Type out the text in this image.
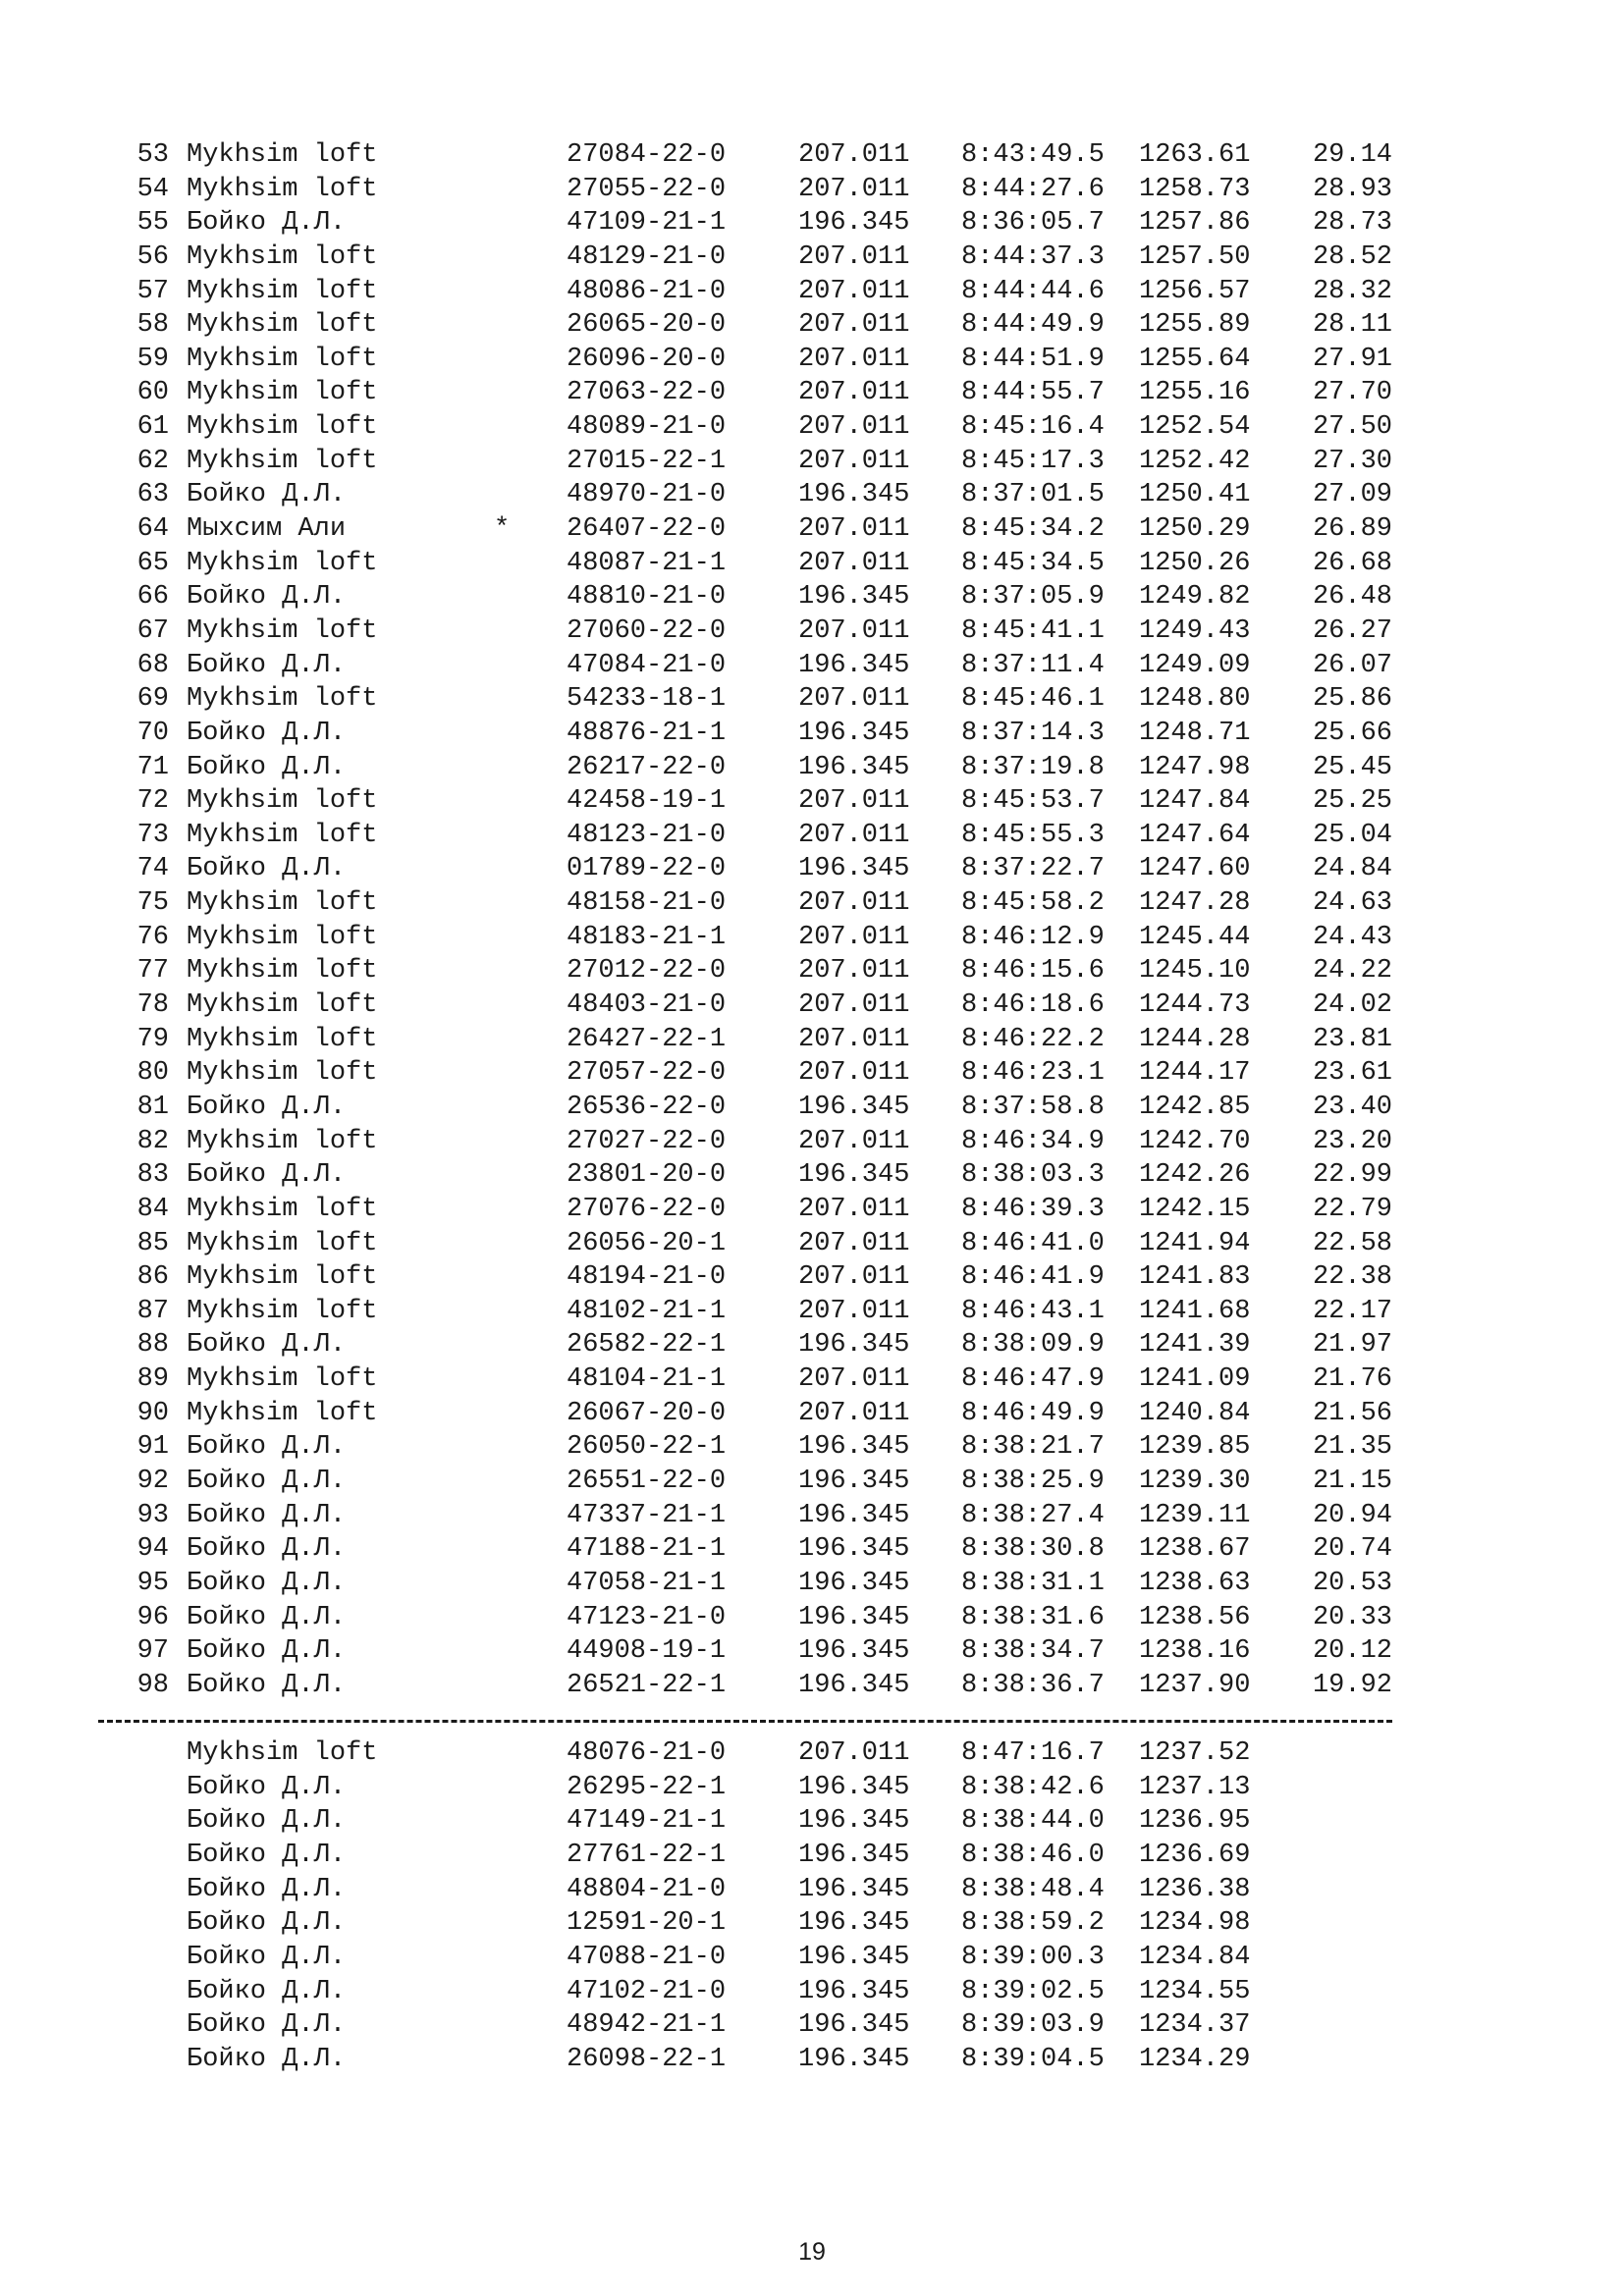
53 Mykhsim loft	27084-22-0	207.011 8:43:49.5 1263.61	29.14
54 Mykhsim loft	27055-22-0	207.011 8:44:27.6 1258.73	28.93
55 Бойко Д.Л.	47109-21-1	196.345 8:36:05.7 1257.86	28.73
56 Mykhsim loft	48129-21-0	207.011 8:44:37.3 1257.50	28.52
57 Mykhsim loft	48086-21-0	207.011 8:44:44.6 1256.57	28.32
58 Mykhsim loft	26065-20-0	207.011 8:44:49.9 1255.89	28.11
59 Mykhsim loft	26096-20-0	207.011 8:44:51.9 1255.64	27.91
60 Mykhsim loft	27063-22-0	207.011 8:44:55.7 1255.16	27.70
61 Mykhsim loft	48089-21-0	207.011 8:45:16.4 1252.54	27.50
62 Mykhsim loft	27015-22-1	207.011 8:45:17.3 1252.42	27.30
63 Бойко Д.Л.	48970-21-0	196.345 8:37:01.5 1250.41	27.09
64 Мыхсим Али	* 26407-22-0	207.011 8:45:34.2 1250.29	26.89
65 Mykhsim loft	48087-21-1	207.011 8:45:34.5 1250.26	26.68
66 Бойко Д.Л.	48810-21-0	196.345 8:37:05.9 1249.82	26.48
67 Mykhsim loft	27060-22-0	207.011 8:45:41.1 1249.43	26.27
68 Бойко Д.Л.	47084-21-0	196.345 8:37:11.4 1249.09	26.07
69 Mykhsim loft	54233-18-1	207.011 8:45:46.1 1248.80	25.86
70 Бойко Д.Л.	48876-21-1	196.345 8:37:14.3 1248.71	25.66
71 Бойко Д.Л.	26217-22-0	196.345 8:37:19.8 1247.98	25.45
72 Mykhsim loft	42458-19-1	207.011 8:45:53.7 1247.84	25.25
73 Mykhsim loft	48123-21-0	207.011 8:45:55.3 1247.64	25.04
74 Бойко Д.Л.	01789-22-0	196.345 8:37:22.7 1247.60	24.84
75 Mykhsim loft	48158-21-0	207.011 8:45:58.2 1247.28	24.63
76 Mykhsim loft	48183-21-1	207.011 8:46:12.9 1245.44	24.43
77 Mykhsim loft	27012-22-0	207.011 8:46:15.6 1245.10	24.22
78 Mykhsim loft	48403-21-0	207.011 8:46:18.6 1244.73	24.02
79 Mykhsim loft	26427-22-1	207.011 8:46:22.2 1244.28	23.81
80 Mykhsim loft	27057-22-0	207.011 8:46:23.1 1244.17	23.61
81 Бойко Д.Л.	26536-22-0	196.345 8:37:58.8 1242.85	23.40
82 Mykhsim loft	27027-22-0	207.011 8:46:34.9 1242.70	23.20
83 Бойко Д.Л.	23801-20-0	196.345 8:38:03.3 1242.26	22.99
84 Mykhsim loft	27076-22-0	207.011 8:46:39.3 1242.15	22.79
85 Mykhsim loft	26056-20-1	207.011 8:46:41.0 1241.94	22.58
86 Mykhsim loft	48194-21-0	207.011 8:46:41.9 1241.83	22.38
87 Mykhsim loft	48102-21-1	207.011 8:46:43.1 1241.68	22.17
88 Бойко Д.Л.	26582-22-1	196.345 8:38:09.9 1241.39	21.97
89 Mykhsim loft	48104-21-1	207.011 8:46:47.9 1241.09	21.76
90 Mykhsim loft	26067-20-0	207.011 8:46:49.9 1240.84	21.56
91 Бойко Д.Л.	26050-22-1	196.345 8:38:21.7 1239.85	21.35
92 Бойко Д.Л.	26551-22-0	196.345 8:38:25.9 1239.30	21.15
93 Бойко Д.Л.	47337-21-1	196.345 8:38:27.4 1239.11	20.94
94 Бойко Д.Л.	47188-21-1	196.345 8:38:30.8 1238.67	20.74
95 Бойко Д.Л.	47058-21-1	196.345 8:38:31.1 1238.63	20.53
96 Бойко Д.Л.	47123-21-0	196.345 8:38:31.6 1238.56	20.33
97 Бойко Д.Л.	44908-19-1	196.345 8:38:34.7 1238.16	20.12
98 Бойко Д.Л.	26521-22-1	196.345 8:38:36.7 1237.90	19.92
Mykhsim loft	48076-21-0	207.011 8:47:16.7 1237.52
Бойко Д.Л.	26295-22-1	196.345 8:38:42.6 1237.13
Бойко Д.Л.	47149-21-1	196.345 8:38:44.0 1236.95
Бойко Д.Л.	27761-22-1	196.345 8:38:46.0 1236.69
Бойко Д.Л.	48804-21-0	196.345 8:38:48.4 1236.38
Бойко Д.Л.	12591-20-1	196.345 8:38:59.2 1234.98
Бойко Д.Л.	47088-21-0	196.345 8:39:00.3 1234.84
Бойко Д.Л.	47102-21-0	196.345 8:39:02.5 1234.55
Бойко Д.Л.	48942-21-1	196.345 8:39:03.9 1234.37
Бойко Д.Л.	26098-22-1	196.345 8:39:04.5 1234.29
19
